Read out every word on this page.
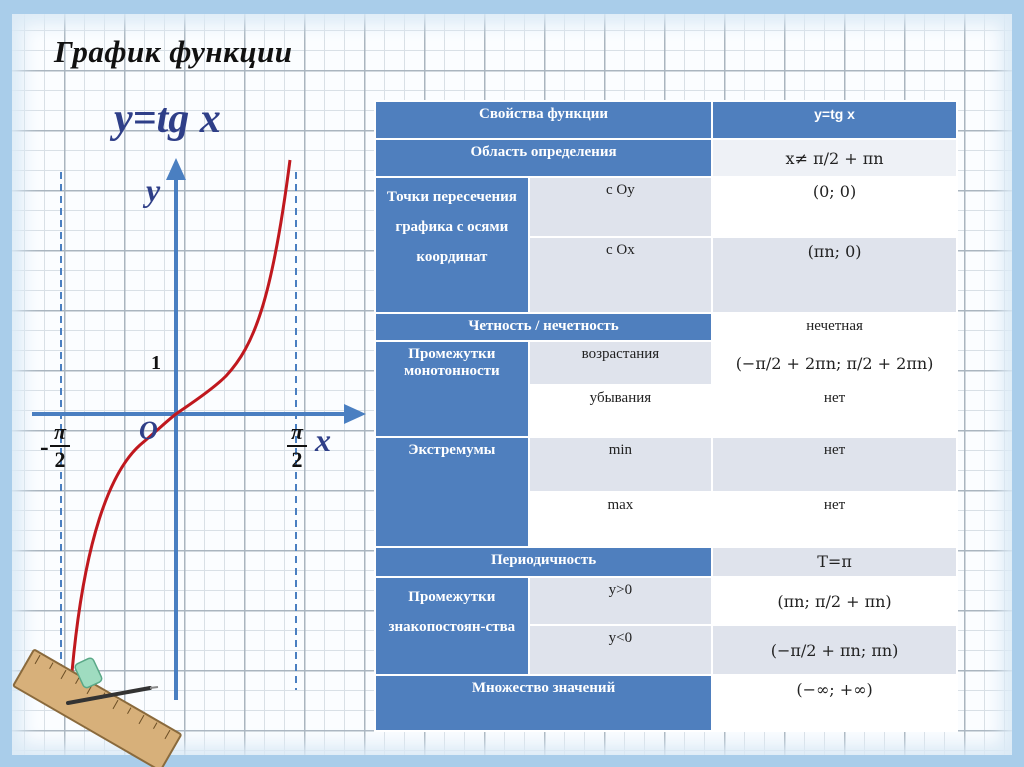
График функции
y=tg x
y
x
O
1
-
π
2
π
2
Свойства функции		y=tg x
Область определения		x≠ π/2 + πn
Точки пересечения графика с осями координат	с Оу	(0; 0)
	с Ох	(πn; 0)
Четность / нечетность		нечетная
Промежутки монотонности	возрастания	(−π/2 + 2πn; π/2 + 2πn)
	убывания	нет
Экстремумы	min	нет
	max	нет
Периодичность		T=π
Промежутки знакопостоян-ства	y>0	(πn; π/2 + πn)
	y<0	(−π/2 + πn; πn)
Множество значений		(−∞; +∞)
